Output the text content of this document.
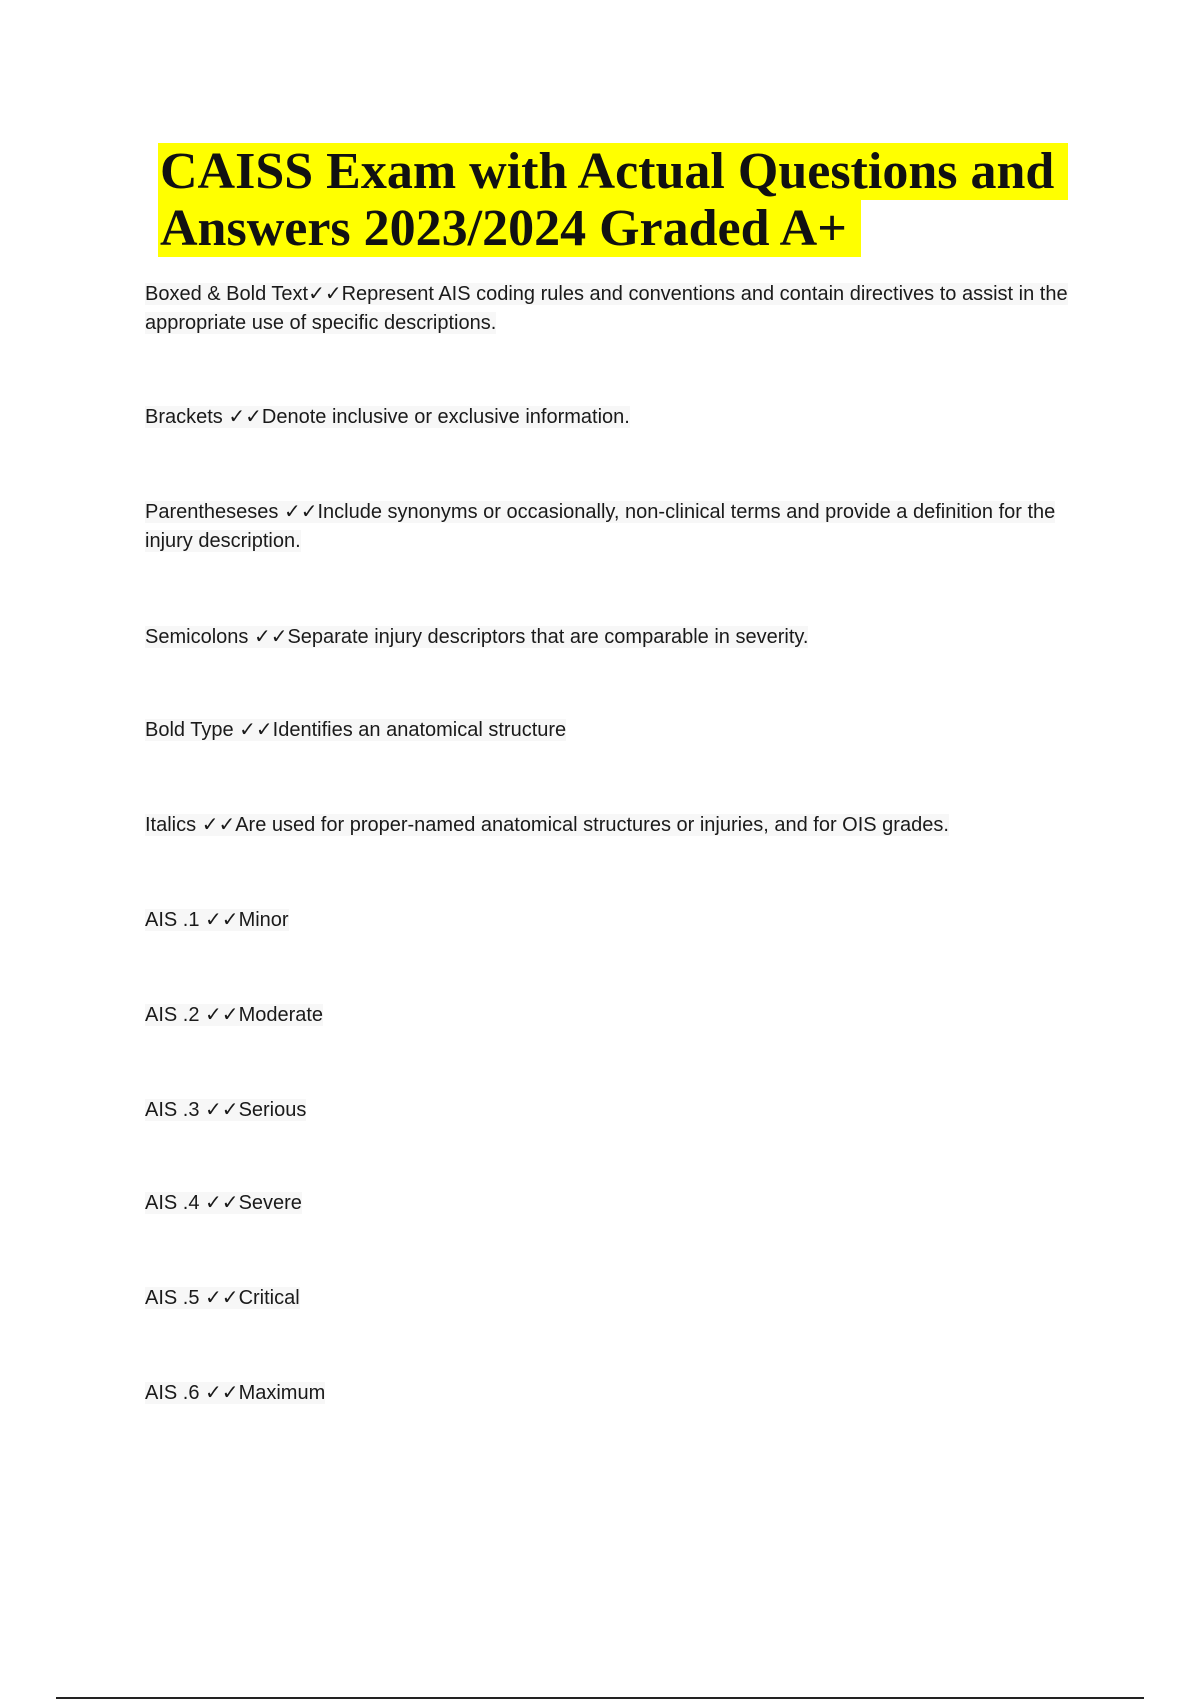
CAISS Exam with Actual Questions and
Answers 2023/2024 Graded A+

Boxed & Bold Text✓✓Represent AIS coding rules and conventions and contain directives to assist in the appropriate use of specific descriptions.

Brackets ✓✓Denote inclusive or exclusive information.

Parentheseses ✓✓Include synonyms or occasionally, non-clinical terms and provide a definition for the injury description.

Semicolons ✓✓Separate injury descriptors that are comparable in severity.

Bold Type ✓✓Identifies an anatomical structure

Italics ✓✓Are used for proper-named anatomical structures or injuries, and for OIS grades.

AIS .1 ✓✓Minor

AIS .2 ✓✓Moderate

AIS .3 ✓✓Serious

AIS .4 ✓✓Severe

AIS .5 ✓✓Critical

AIS .6 ✓✓Maximum
